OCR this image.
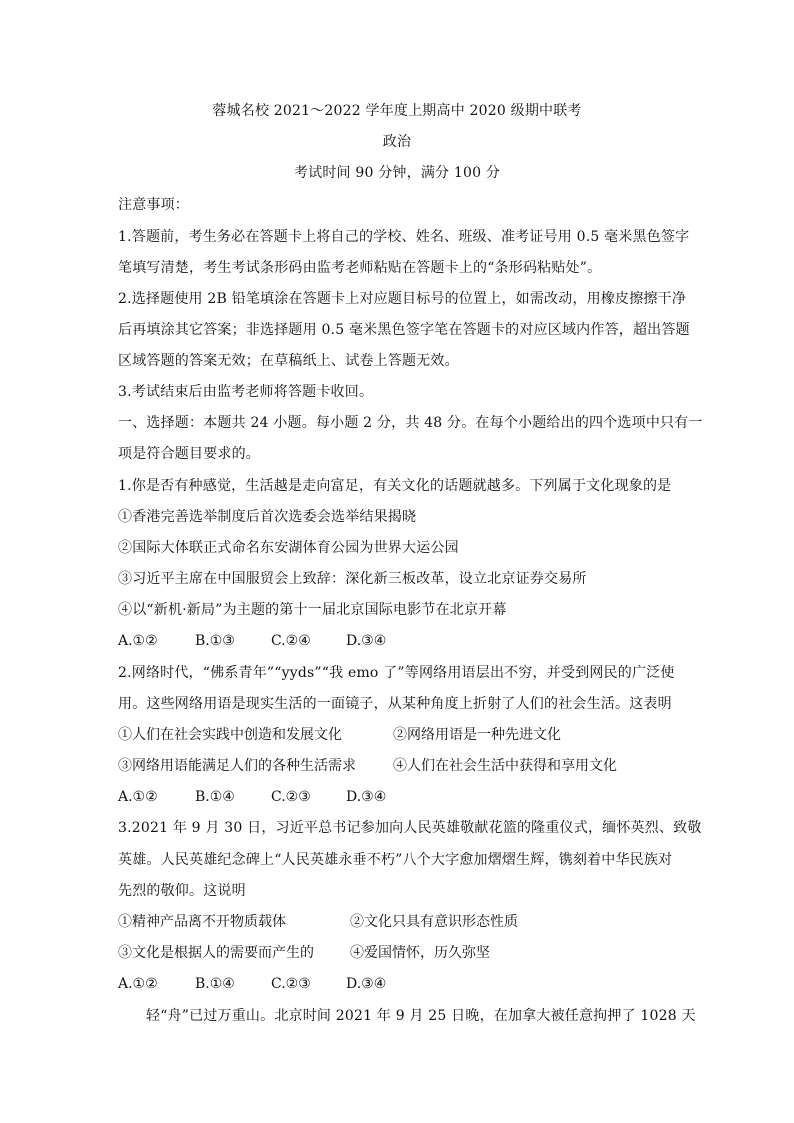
蓉城名校 2021～2022 学年度上期高中 2020 级期中联考
政治
考试时间 90 分钟，满分 100 分
注意事项：
1.答题前，考生务必在答题卡上将自己的学校、姓名、班级、准考证号用 0.5 毫米黑色签字
笔填写清楚，考生考试条形码由监考老师粘贴在答题卡上的“条形码粘贴处”。
2.选择题使用 2B 铅笔填涂在答题卡上对应题目标号的位置上，如需改动，用橡皮擦擦干净
后再填涂其它答案；非选择题用 0.5 毫米黑色签字笔在答题卡的对应区域内作答，超出答题
区域答题的答案无效；在草稿纸上、试卷上答题无效。
3.考试结束后由监考老师将答题卡收回。
一、选择题：本题共 24 小题。每小题 2 分，共 48 分。在每个小题给出的四个选项中只有一
项是符合题目要求的。
1.你是否有种感觉，生活越是走向富足，有关文化的话题就越多。下列属于文化现象的是
①香港完善选举制度后首次选委会选举结果揭晓
②国际大体联正式命名东安湖体育公园为世界大运公园
③习近平主席在中国服贸会上致辞：深化新三板改革，设立北京证券交易所
④以“新机·新局”为主题的第十一届北京国际电影节在北京开幕
A.①②	B.①③	C.②④	D.③④
2.网络时代，“佛系青年”“yyds”“我 emo 了”等网络用语层出不穷，并受到网民的广泛使
用。这些网络用语是现实生活的一面镜子，从某种角度上折射了人们的社会生活。这表明
①人们在社会实践中创造和发展文化	②网络用语是一种先进文化
③网络用语能满足人们的各种生活需求	④人们在社会生活中获得和享用文化
A.①②	B.①④	C.②③	D.③④
3.2021 年 9 月 30 日，习近平总书记参加向人民英雄敬献花篮的隆重仪式，缅怀英烈、致敬
英雄。人民英雄纪念碑上“人民英雄永垂不朽”八个大字愈加熠熠生辉，镌刻着中华民族对
先烈的敬仰。这说明
①精神产品离不开物质载体	②文化只具有意识形态性质
③文化是根据人的需要而产生的	④爱国情怀，历久弥坚
A.①②	B.①④	C.②③	D.③④
轻“舟”已过万重山。北京时间 2021 年 9 月 25 日晚，在加拿大被任意拘押了 1028 天
